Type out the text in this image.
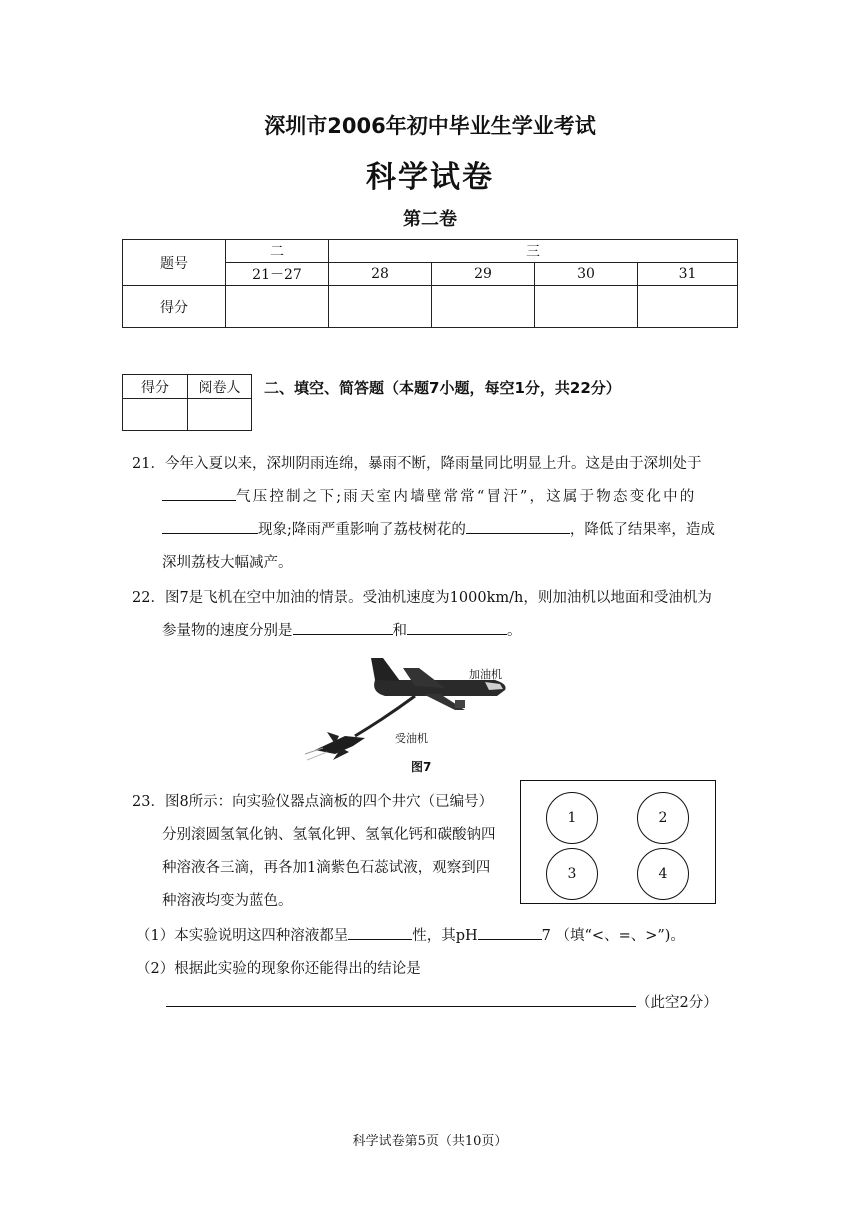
深圳市2006年初中毕业生学业考试
科学试卷
第二卷
题号	二	三			
	21－27	28	29	30	31
得分					
得分	阅卷人
	二、填空、简答题（本题7小题，每空1分，共22分）
21．今年入夏以来，深圳阴雨连绵，暴雨不断，降雨量同比明显上升。这是由于深圳处于
气压控制之下;雨天室内墙壁常常“冒汗”，这属于物态变化中的
现象;降雨严重影响了荔枝树花的	，降低了结果率，造成
深圳荔枝大幅减产。
22．图7是飞机在空中加油的情景。受油机速度为1000km/h，则加油机以地面和受油机为
参量物的速度分别是	和	。
加油机
受油机
图7
23．图8所示：向实验仪器点滴板的四个井穴（已编号）
分别滚圆氢氧化钠、氢氧化钾、氢氧化钙和碳酸钠四
种溶液各三滴，再各加1滴紫色石蕊试液，观察到四
种溶液均变为蓝色。
1	2
3	4
（1）本实验说明这四种溶液都呈	性，其pH	7 （填“<、=、>”)。
（2）根据此实验的现象你还能得出的结论是
（此空2分）
科学试卷第5页（共10页）
